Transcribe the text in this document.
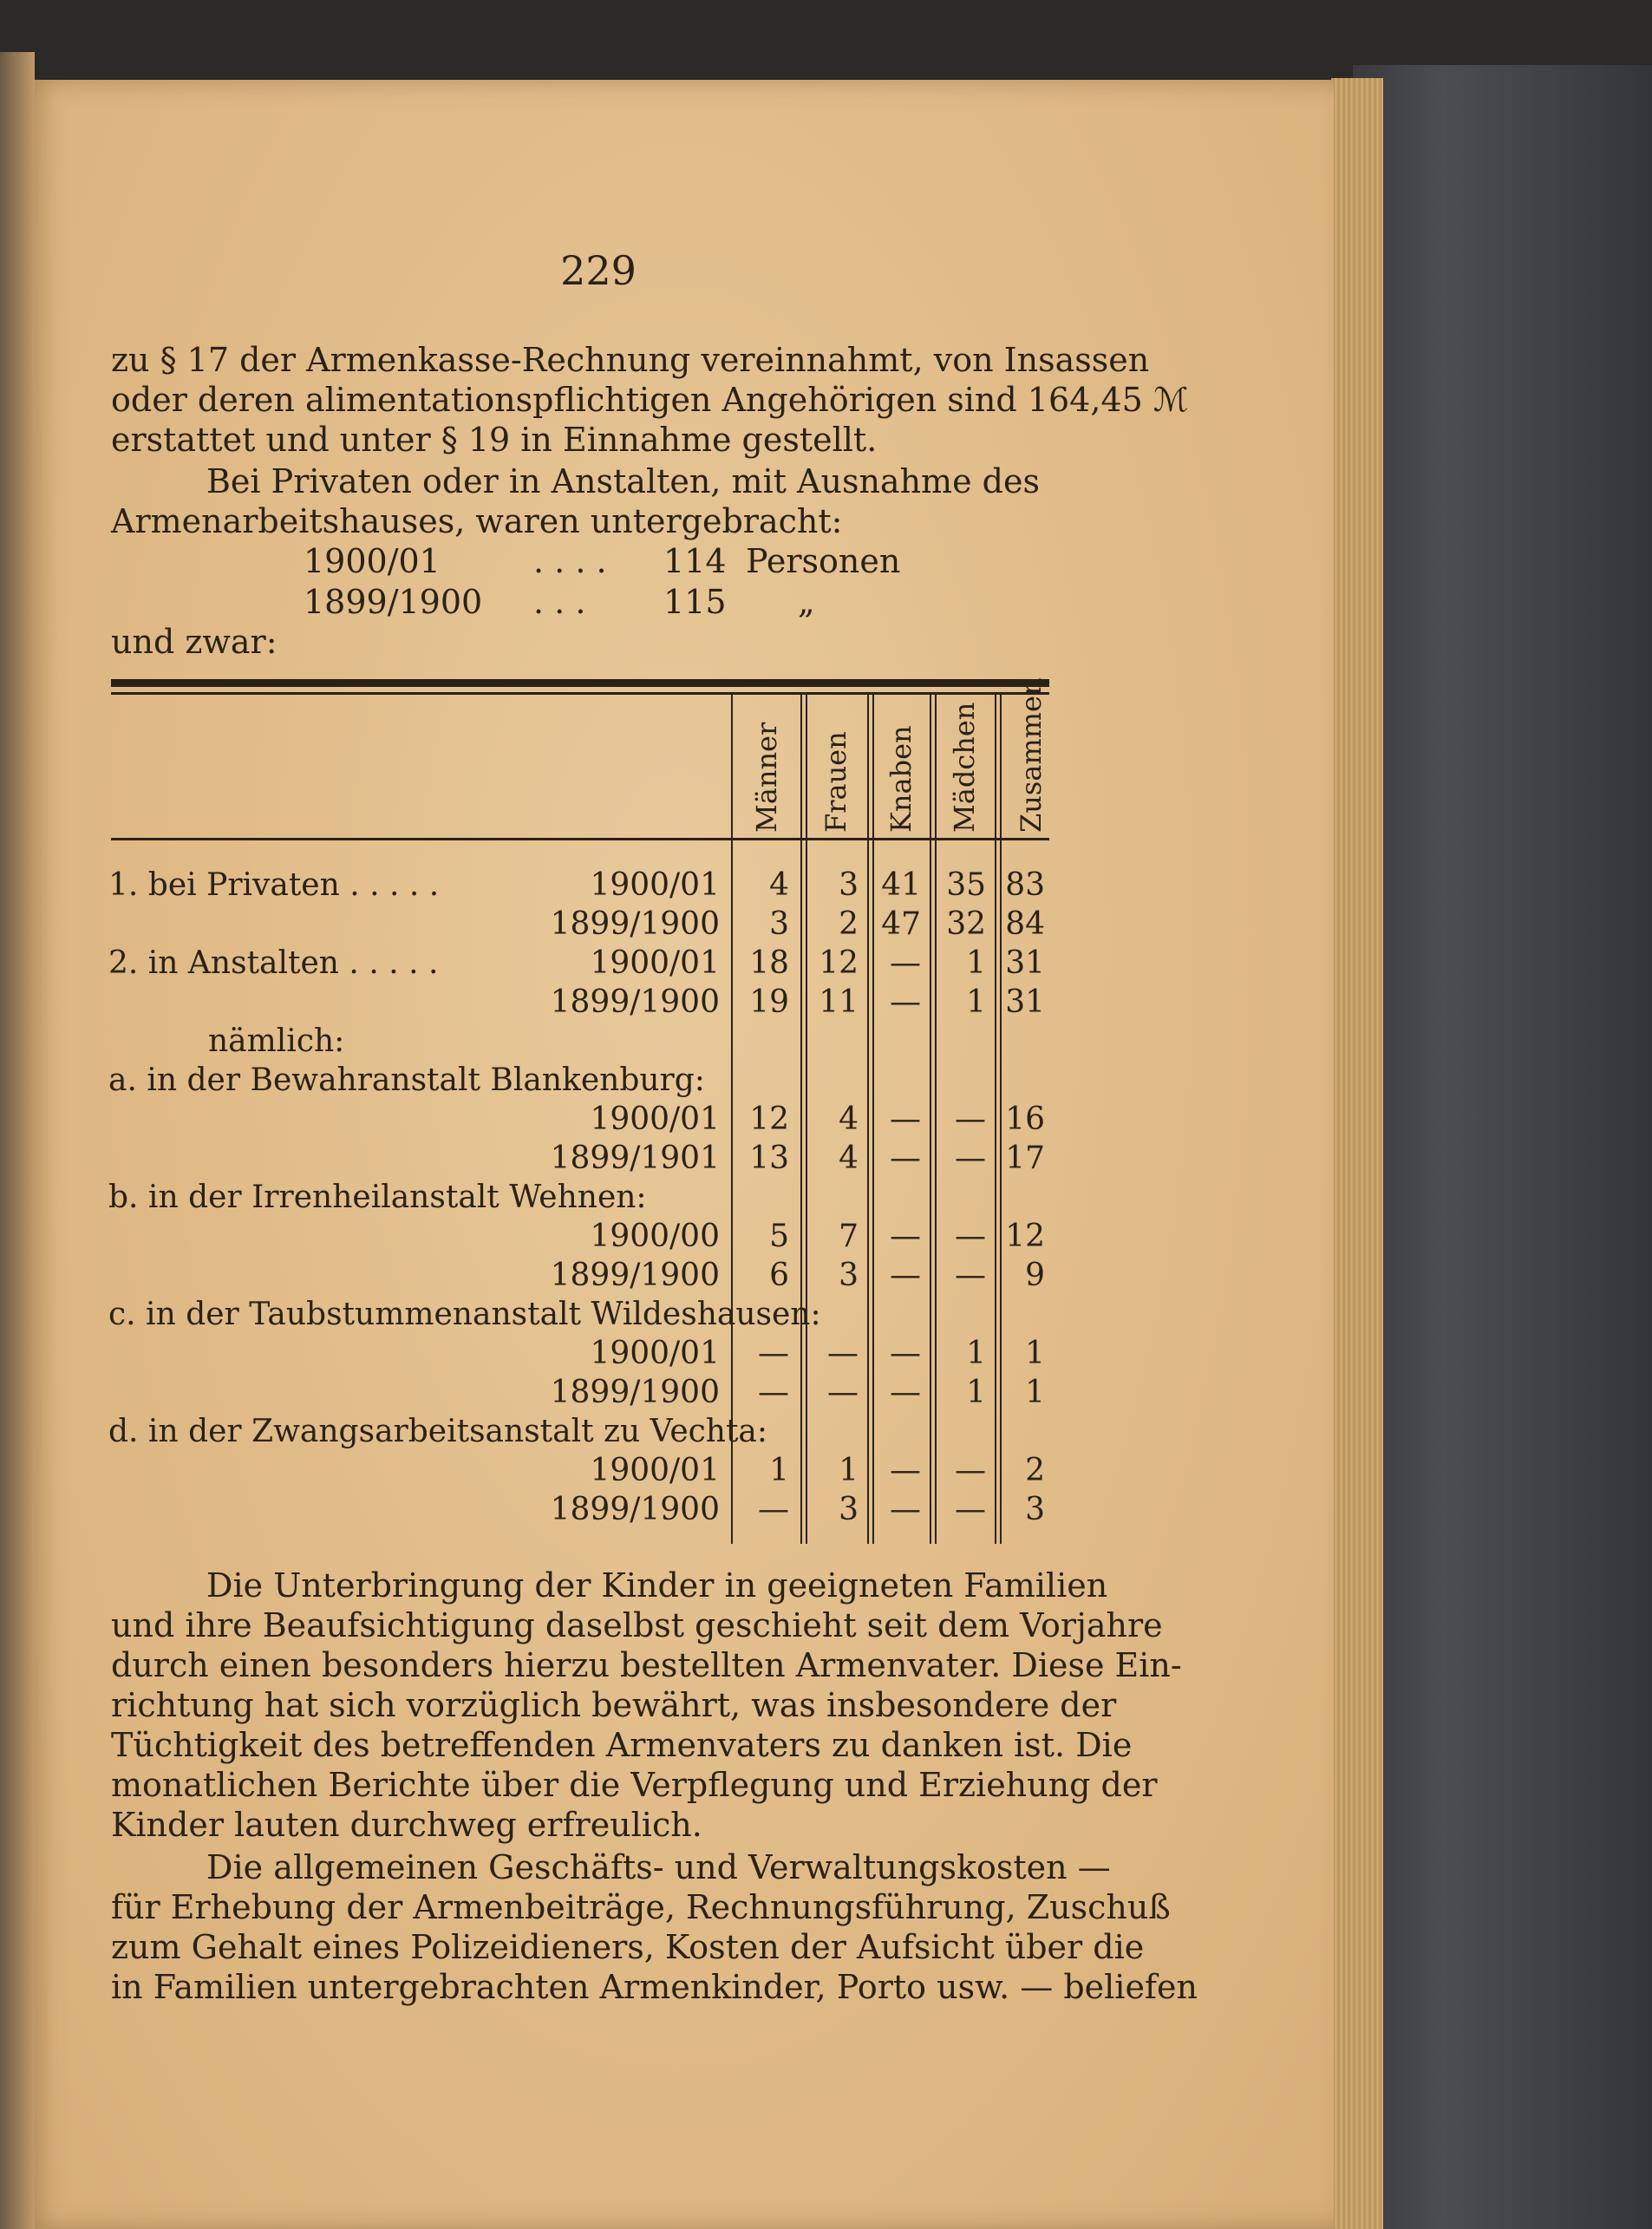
229
zu § 17 der Armenkasse-Rechnung vereinnahmt, von Insassen
oder deren alimentationspflichtigen Angehörigen sind 164,45 ℳ
erstattet und unter § 19 in Einnahme gestellt.
Bei Privaten oder in Anstalten, mit Ausnahme des
Armenarbeitshauses, waren untergebracht:
1900/01	. . . . 114 Personen
1899/1900 . . . 115 „
und zwar:
Männer Frauen Knaben Mädchen Zusammen
1. bei Privaten . . . . .	1900/01 4 3 41 35 83
1899/1900 3 2 47 32 84
2. in Anstalten . . . . .	1900/01 18 12 — 1 31
1899/1900 19 11 — 1 31
nämlich:
a. in der Bewahranstalt Blankenburg:
1900/01 12 4 — — 16
1899/1901 13 4 — — 17
b. in der Irrenheilanstalt Wehnen:
1900/00 5 7 — — 12
1899/1900 6 3 — — 9
c. in der Taubstummenanstalt Wildeshausen:
1900/01 — — — 1 1
1899/1900 — — — 1 1
d. in der Zwangsarbeitsanstalt zu Vechta:
1900/01 1 1 — — 2
1899/1900 — 3 — — 3
Die Unterbringung der Kinder in geeigneten Familien
und ihre Beaufsichtigung daselbst geschieht seit dem Vorjahre
durch einen besonders hierzu bestellten Armenvater. Diese Ein-
richtung hat sich vorzüglich bewährt, was insbesondere der
Tüchtigkeit des betreffenden Armenvaters zu danken ist. Die
monatlichen Berichte über die Verpflegung und Erziehung der
Kinder lauten durchweg erfreulich.
Die allgemeinen Geschäfts- und Verwaltungskosten —
für Erhebung der Armenbeiträge, Rechnungsführung, Zuschuß
zum Gehalt eines Polizeidieners, Kosten der Aufsicht über die
in Familien untergebrachten Armenkinder, Porto usw. — beliefen
